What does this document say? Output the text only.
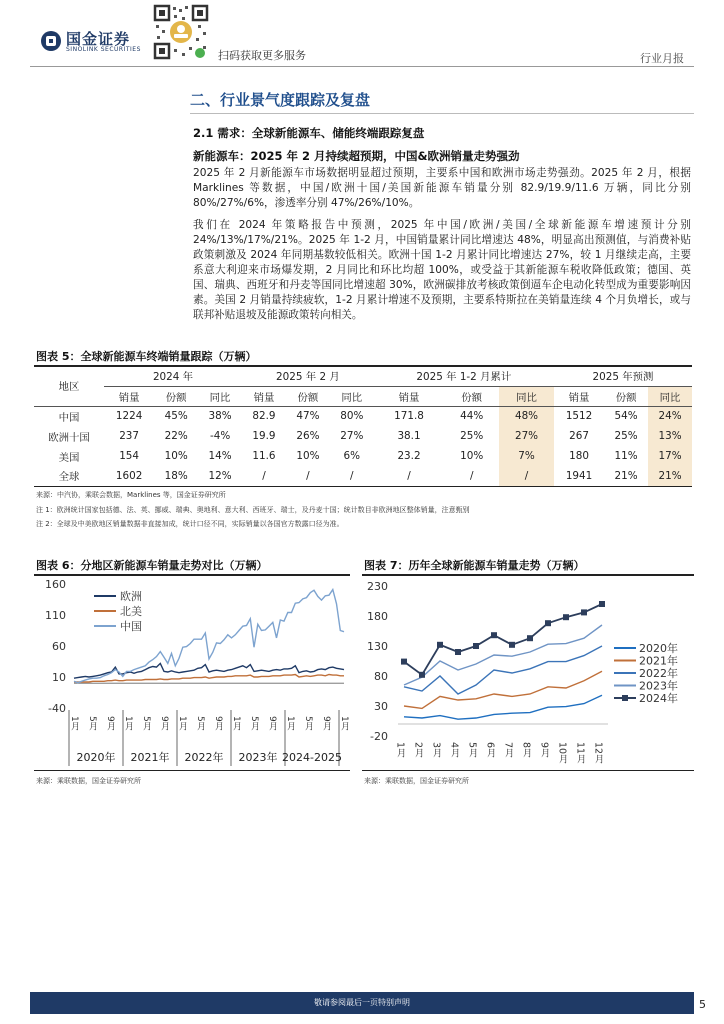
国金证券
SINOLINK SECURITIES	扫码获取更多服务	行业月报
二、行业景气度跟踪及复盘
2.1 需求：全球新能源车、储能终端跟踪复盘
新能源车：2025 年 2 月持续超预期，中国&欧洲销量走势强劲
2025 年 2 月新能源车市场数据明显超过预期，主要系中国和欧洲市场走势强劲。2025 年 2 月，根据 Marklines 等数据，中国/欧洲十国/美国新能源车销量分别 82.9/19.9/11.6 万辆，同比分别 80%/27%/6%，渗透率分别 47%/26%/10%。
我们在 2024 年策略报告中预测，2025 年中国/欧洲/美国/全球新能源车增速预计分别 24%/13%/17%/21%。2025 年 1-2 月，中国销量累计同比增速达 48%，明显高出预测值，与消费补贴政策刺激及 2024 年同期基数较低相关。欧洲十国 1-2 月累计同比增速达 27%，较 1 月继续走高，主要系意大利迎来市场爆发期，2 月同比和环比均超 100%，或受益于其新能源车税收降低政策；德国、英国、瑞典、西班牙和丹麦等国同比增速超 30%，欧洲碳排放考核政策倒逼车企电动化转型成为重要影响因素。美国 2 月销量持续疲软，1-2 月累计增速不及预期，主要系特斯拉在美销量连续 4 个月负增长，或与联邦补贴退坡及能源政策转向相关。
图表 5：全球新能源车终端销量跟踪（万辆）
地区	2024 年			2025 年 2 月			2025 年 1-2 月累计			2025 年预测		
	销量	份额	同比	销量	份额	同比	销量	份额	同比	销量	份额	同比
中国	1224	45%	38%	82.9	47%	80%	171.8	44%	48%	1512	54%	24%
欧洲十国	237	22%	-4%	19.9	26%	27%	38.1	25%	27%	267	25%	13%
美国	154	10%	14%	11.6	10%	6%	23.2	10%	7%	180	11%	17%
全球	1602	18%	12%	/	/	/	/	/	/	1941	21%	21%
来源：中汽协，乘联会数据，Marklines 等，国金证券研究所
注 1：欧洲统计国家包括德、法、英、挪威、瑞典、奥地利、意大利、西班牙、瑞士，及丹麦十国；统计数目非欧洲地区整体销量，注意甄别
注 2：全球及中美欧地区销量数据非直接加成，统计口径不同，实际销量以各国官方数露口径为准。
图表 6：分地区新能源车销量走势对比（万辆）	图表 7：历年全球新能源车销量走势（万辆）
-40
10
60
110
160
1月 5月 9月 1月 5月 9月 1月 5月 9月 1月 5月 9月 1月 5月 9月 1月
2020年 2021年 2022年 2023年 2024-2025
欧洲
北美
中国
-20
30
80
130
180
230
1月 2月 3月 4月 5月 6月 7月 8月 9月 10月 11月 12月
2020年
2021年
2022年
2023年
2024年
来源：乘联数据，国金证券研究所	来源：乘联数据，国金证券研究所
敬请参阅最后一页特别声明	5
